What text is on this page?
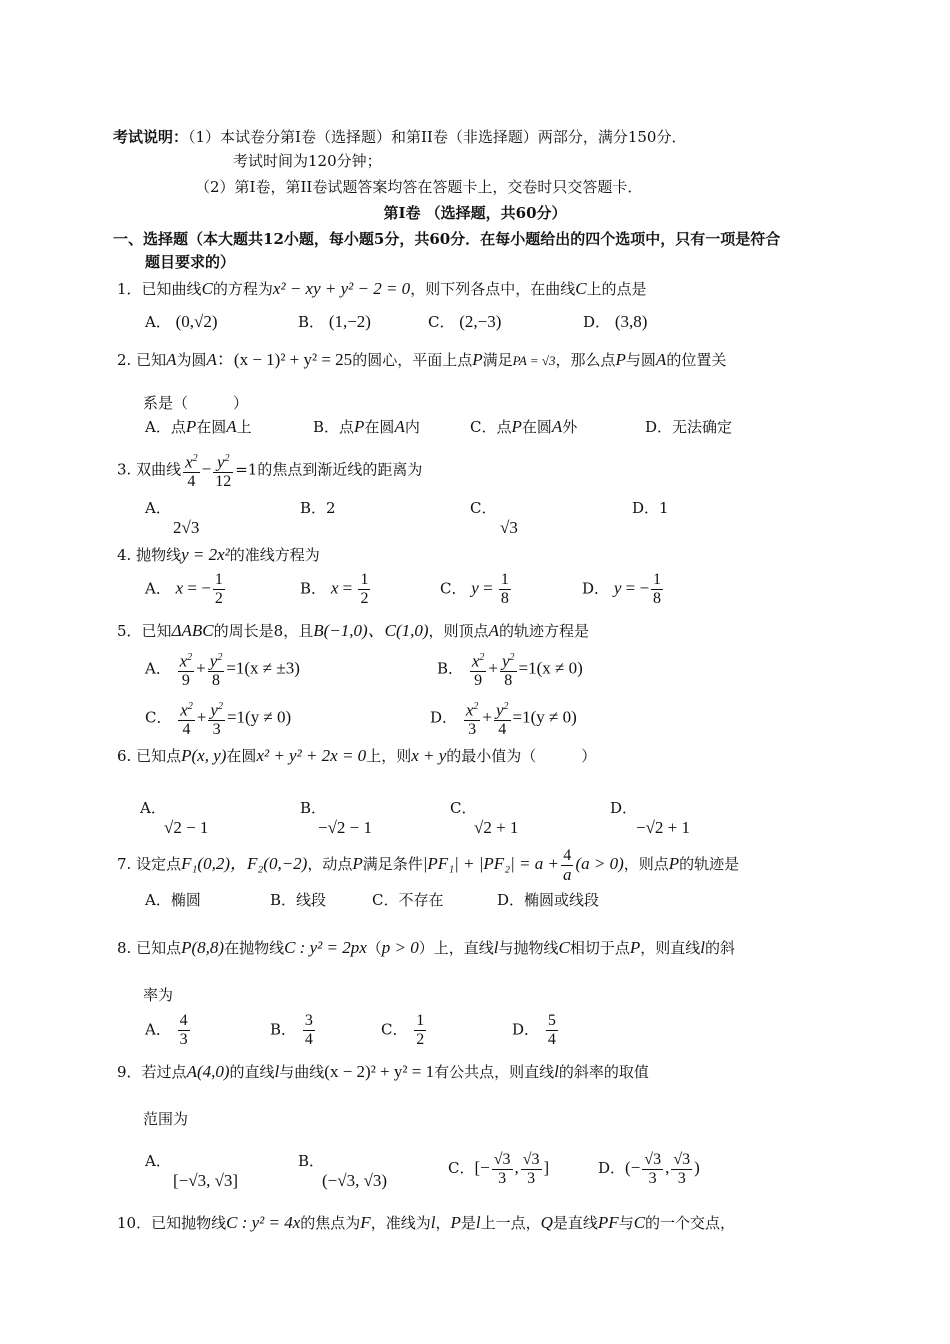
考试说明：（1）本试卷分第Ⅰ卷（选择题）和第II卷（非选择题）两部分，满分150分．
考试时间为120分钟；
（2）第Ⅰ卷，第II卷试题答案均答在答题卡上，交卷时只交答题卡．
第Ⅰ卷 （选择题，共60分）
一、选择题（本大题共12小题，每小题5分，共60分．在每小题给出的四个选项中，只有一项是符合
题目要求的）
1．已知曲线C的方程为x² − xy + y² − 2 = 0，则下列各点中，在曲线C上的点是
A． (0,√2)	B． (1,−2)	C． (2,−3)	D． (3,8)
2. 已知A为圆A：(x − 1)² + y² = 25的圆心，平面上点P满足PA = √3，那么点P与圆A的位置关
系是（　　　）
A．点P在圆A上	B．点P在圆A内	C．点P在圆A外	D．无法确定
3. 双曲线 $\frac{x^2}{4} - \frac{y^2}{12} =1$的焦点到渐近线的距离为
A．
2√3
B．2	C．
√3
D．1
4. 抛物线y = 2x²的准线方程为
A． x = − $\frac{1}{2}$	B． $x = \frac{1}{2}$	C． $y = \frac{1}{8}$	D． y = − $\frac{1}{8}$
5．已知ΔABC的周长是8，且B(−1,0)、C(1,0)，则顶点A的轨迹方程是
A． $\frac{x^2}{9} + \frac{y^2}{8} =1(x \ne \pm 3)$	B． $\frac{x^2}{9} + \frac{y^2}{8} =1(x \ne 0)$
C． $\frac{x^2}{4} + \frac{y^2}{3} =1(y \ne 0)$	D． $\frac{x^2}{3} + \frac{y^2}{4} =1(y \ne 0)$
6. 已知点P(x, y)在圆x² + y² + 2x = 0上，则x + y的最小值为（　　　）
A．
√2 − 1
B．
−√2 − 1
C．
√2 + 1
D．
−√2 + 1
7. 设定点F₁(0,2)，F₂(0,−2)，动点P满足条件$|PF_1| + |PF_2| = a + \frac{4}{a} (a > 0)$，则点P的轨迹是
A．椭圆	B．线段	C．不存在	D．椭圆或线段
8. 已知点P(8,8)在抛物线C : y² = 2px（p > 0）上，直线l与抛物线C相切于点P，则直线l的斜
率为
A． $\frac{4}{3}$	B． $\frac{3}{4}$	C． $\frac{1}{2}$	D． $\frac{5}{4}$
9．若过点A(4,0)的直线l与曲线(x − 2)² + y² = 1有公共点，则直线l的斜率的取值
范围为
A．
[−√3, √3]
B．
(−√3, √3)
C．[− $\frac{√3}{3}$ , $\frac{√3}{3}$ ]	D．(− $\frac{√3}{3}$ , $\frac{√3}{3}$ )
10．已知抛物线C : y² = 4x的焦点为F，准线为l，P是l上一点，Q是直线PF与C的一个交点，
